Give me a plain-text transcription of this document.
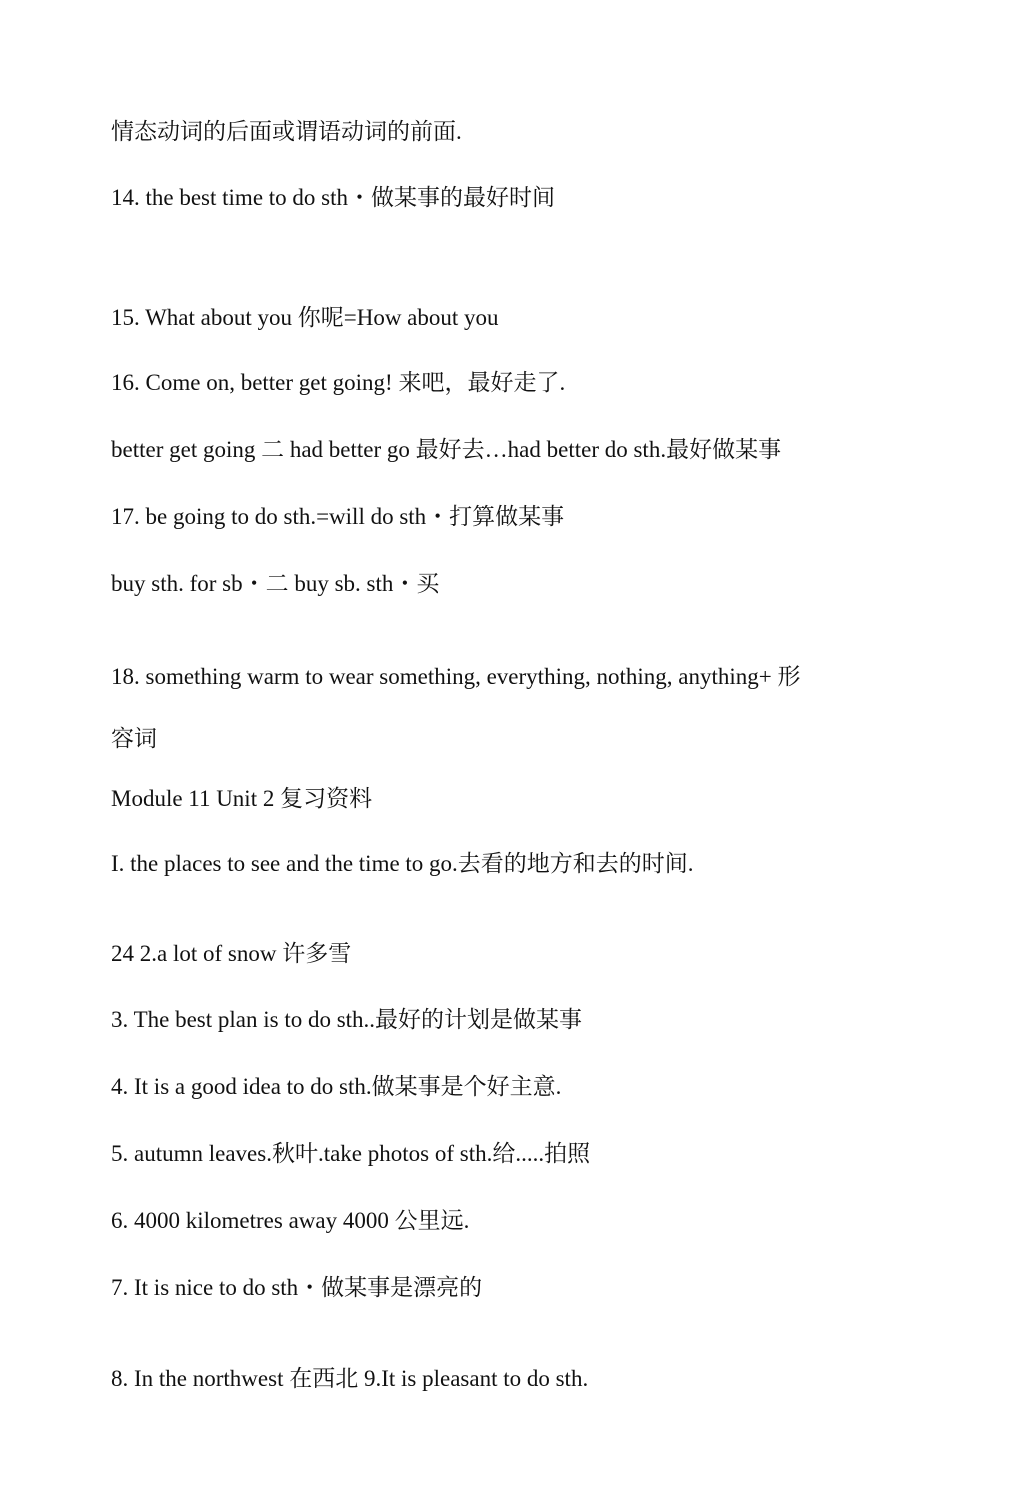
情态动词的后面或谓语动词的前面.
14. the best time to do sth・做某事的最好时间
15. What about you 你呢=How about you
16. Come on, better get going! 来吧，最好走了.
better get going 二 had better go 最好去…had better do sth.最好做某事
17. be going to do sth.=will do sth・打算做某事
buy sth. for sb・二 buy sb. sth・买
18. something warm to wear something, everything, nothing, anything+ 形
容词
Module 11 Unit 2 复习资料
I. the places to see and the time to go.去看的地方和去的时间.
24 2.a lot of snow 许多雪
3. The best plan is to do sth..最好的计划是做某事
4. It is a good idea to do sth.做某事是个好主意.
5. autumn leaves.秋叶.take photos of sth.给.....拍照
6. 4000 kilometres away 4000 公里远.
7. It is nice to do sth・做某事是漂亮的
8. In the northwest 在西北 9.It is pleasant to do sth.
